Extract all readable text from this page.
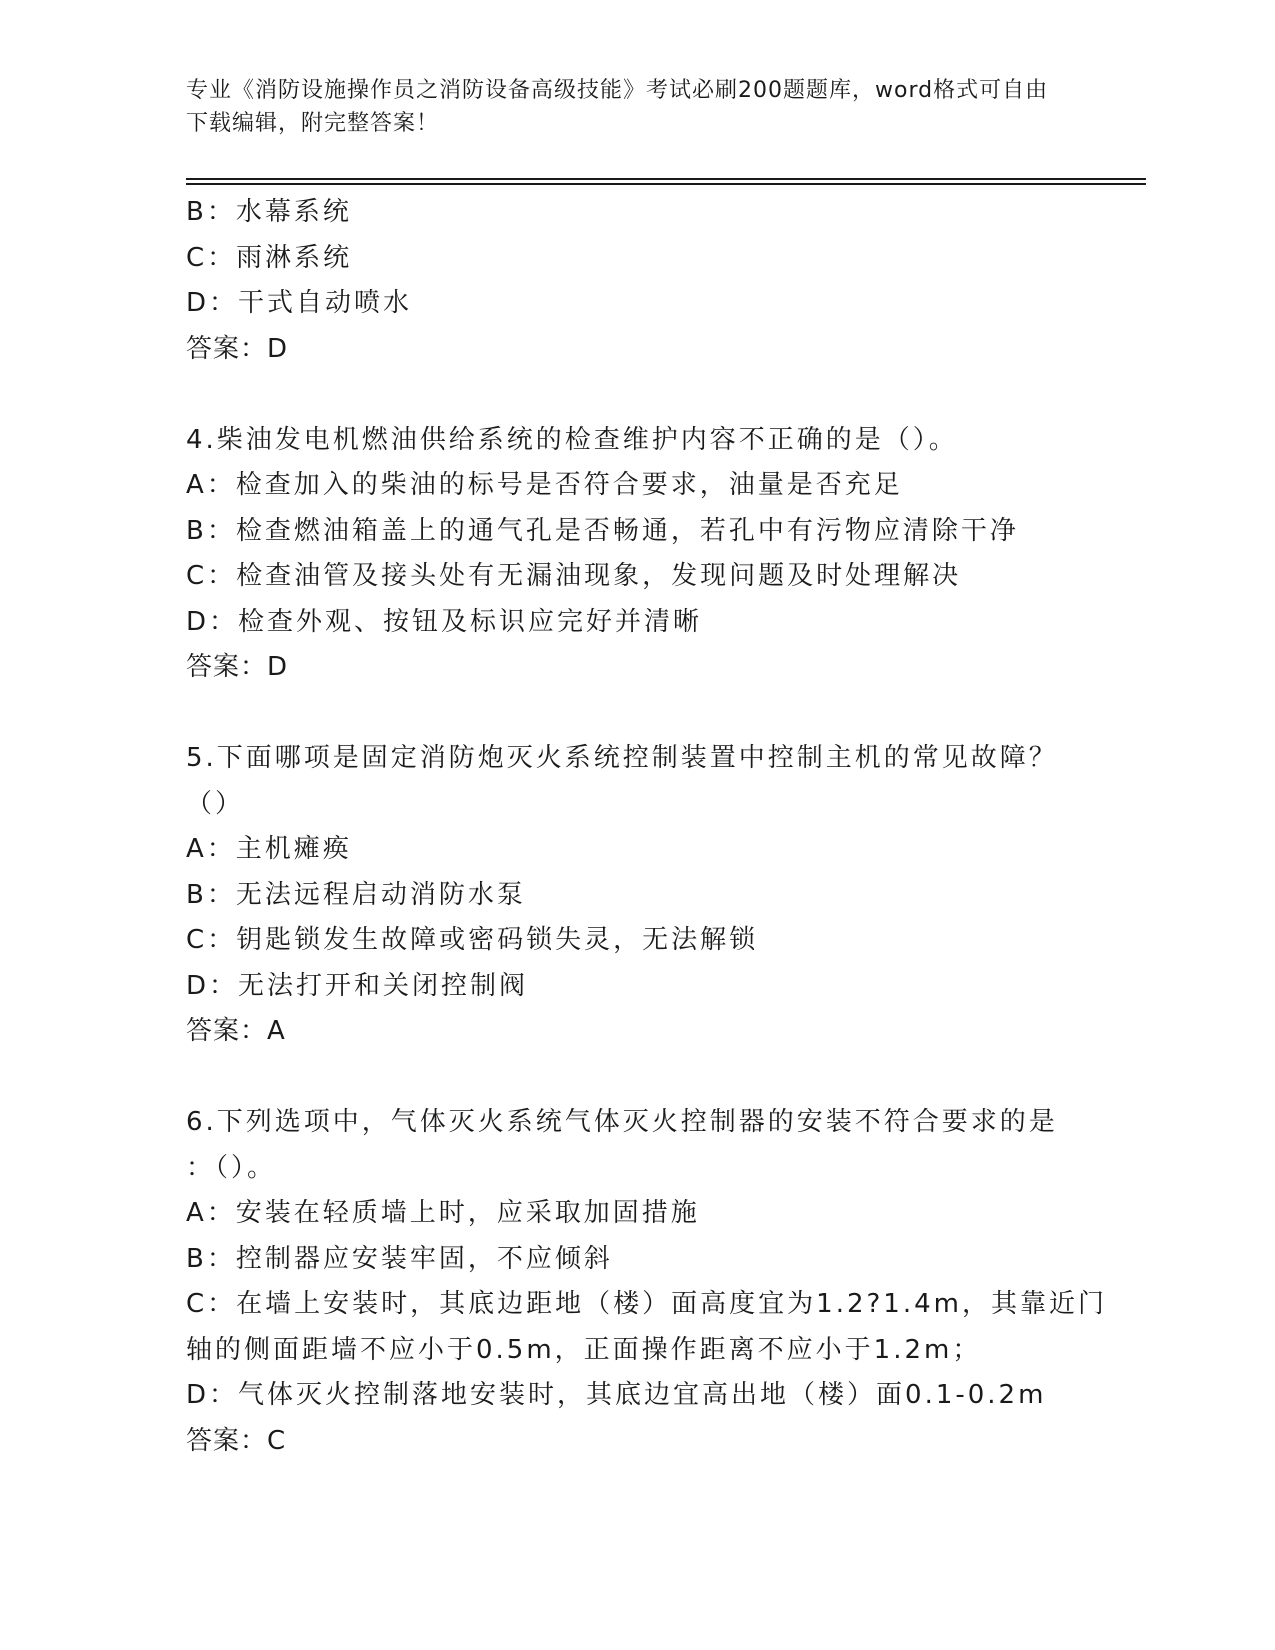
专业《消防设施操作员之消防设备高级技能》考试必刷200题题库，word格式可自由下载编辑，附完整答案！
B：水幕系统
C：雨淋系统
D：干式自动喷水
答案：D
4.柴油发电机燃油供给系统的检查维护内容不正确的是（）。
A：检查加入的柴油的标号是否符合要求，油量是否充足
B：检查燃油箱盖上的通气孔是否畅通，若孔中有污物应清除干净
C：检查油管及接头处有无漏油现象，发现问题及时处理解决
D：检查外观、按钮及标识应完好并清晰
答案：D
5.下面哪项是固定消防炮灭火系统控制装置中控制主机的常见故障？
（）
A：主机瘫痪
B：无法远程启动消防水泵
C：钥匙锁发生故障或密码锁失灵，无法解锁
D：无法打开和关闭控制阀
答案：A
6.下列选项中，气体灭火系统气体灭火控制器的安装不符合要求的是
：（）。
A：安装在轻质墙上时，应采取加固措施
B：控制器应安装牢固，不应倾斜
C：在墙上安装时，其底边距地（楼）面高度宜为1.2?1.4m，其靠近门
轴的侧面距墙不应小于0.5m，正面操作距离不应小于1.2m；
D：气体灭火控制落地安装时，其底边宜高出地（楼）面0.1-0.2m
答案：C
